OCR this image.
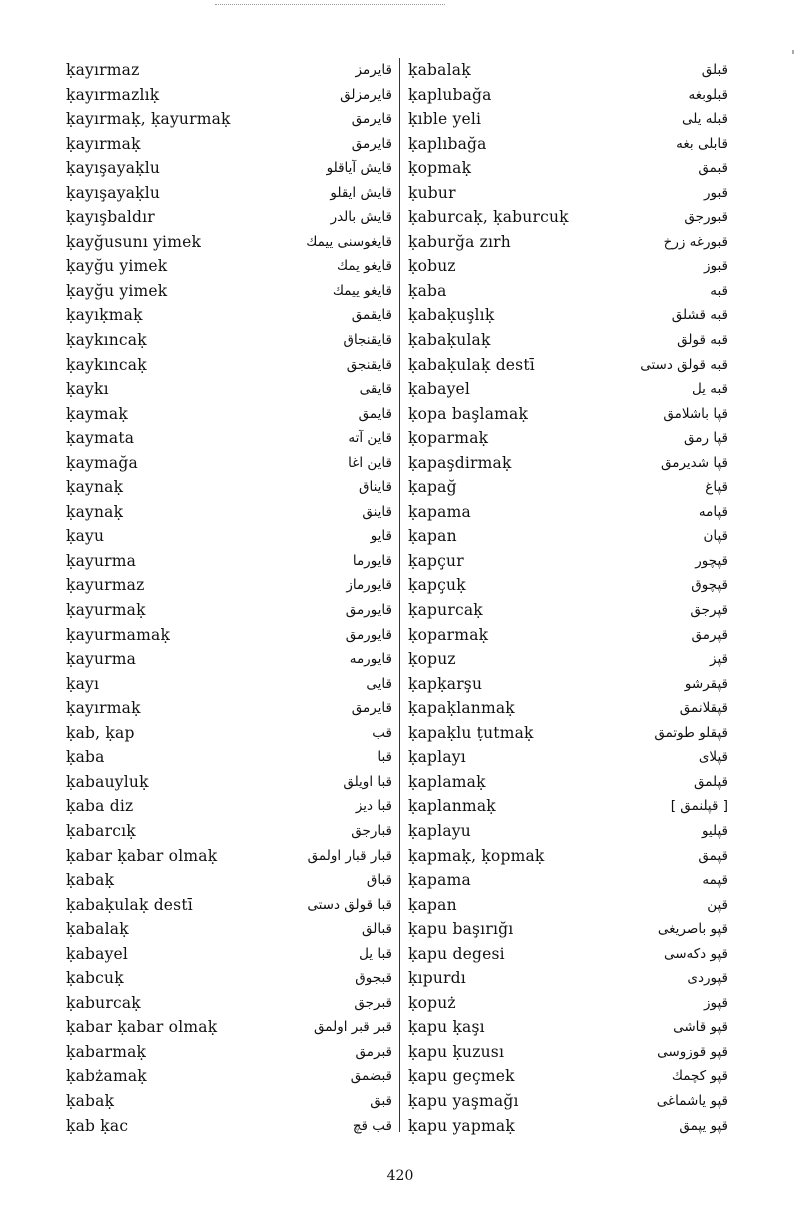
ḳayırmaz	قايرمز
ḳayırmazlıḳ	قايرمزلق
ḳayırmaḳ, ḳayurmaḳ	قايرمق
ḳayırmaḳ	قايرمق
ḳayışayaḳlu	قايش آياقلو
ḳayışayaḳlu	قايش ايقلو
ḳayışbaldır	قايش بالدر
ḳayğusunı yimek	قايغوسنى ييمك
ḳayğu yimek	قايغو يمك
ḳayğu yimek	قايغو ييمك
ḳayıḳmaḳ	قايقمق
ḳaykıncaḳ	قايقنجاق
ḳaykıncaḳ	قايقنجق
ḳaykı	قايقى
ḳaymaḳ	قايمق
ḳaymata	قاين آته
ḳaymağa	قاين اغا
ḳaynaḳ	قايناق
ḳaynaḳ	قاينق
ḳayu	قايو
ḳayurma	قايورما
ḳayurmaz	قايورماز
ḳayurmaḳ	قايورمق
ḳayurmamaḳ	قايورمق
ḳayurma	قايورمه
ḳayı	قايى
ḳayırmaḳ	قايرمق
ḳab, ḳap	قب
ḳaba	قبا
ḳabauyluḳ	قبا اويلق
ḳaba diz	قبا دیز
ḳabarcıḳ	قبارجق
ḳabar ḳabar olmaḳ	قبار قبار اولمق
ḳabaḳ	قباق
ḳabaḳulaḳ destī	قبا قولق دستى
ḳabalaḳ	قبالق
ḳabayel	قبا یل
ḳabcuḳ	قبجوق
ḳaburcaḳ	قبرجق
ḳabar ḳabar olmaḳ	قبر قبر اولمق
ḳabarmaḳ	قبرمق
ḳabżamaḳ	قبضمق
ḳabaḳ	قبق
ḳab ḳac	قب قچ
ḳabalaḳ	قبلق
ḳaplubağa	قبلوبغه
ḳıble yeli	قبله یلی
ḳaplıbağa	قابلى بغه
ḳopmaḳ	قبمق
ḳubur	قبور
ḳaburcaḳ, ḳaburcuḳ	قبورجق
ḳaburğa zırh	قبورغه زرخ
ḳobuz	قبوز
ḳaba	قبه
ḳabaḳuşlıḳ	قبه قشلق
ḳabaḳulaḳ	قبه قولق
ḳabaḳulaḳ destī	قبه قولق دستى
ḳabayel	قبه یل
ḳopa başlamaḳ	قپا باشلامق
ḳoparmaḳ	قپا رمق
ḳapaşdirmaḳ	قپا شدیرمق
ḳapağ	قپاغ
ḳapama	قپامه
ḳapan	قپان
ḳapçur	قپچور
ḳapçuḳ	قپچوق
ḳapurcaḳ	قپرجق
ḳoparmaḳ	قپرمق
ḳopuz	قپز
ḳapḳarşu	قپقرشو
ḳapaḳlanmaḳ	قپقلانمق
ḳapaḳlu ṭutmaḳ	قپقلو طوتمق
ḳaplayı	قپلاى
ḳaplamaḳ	قپلمق
ḳaplanmaḳ	[ قپلنمق ]
ḳaplayu	قپليو
ḳapmaḳ, ḳopmaḳ	قپمق
ḳapama	قپمه
ḳapan	قپن
ḳapu başırığı	قپو باصریغى
ḳapu degesi	قپو دکه‌سى
ḳıpurdı	قپوردى
ḳopuż	قپوز
ḳapu ḳaşı	قپو قاشى
ḳapu ḳuzusı	قپو قوزوسى
ḳapu geçmek	قپو کچمك
ḳapu yaşmağı	قپو یاشماغى
ḳapu yapmaḳ	قپو یپمق
420
